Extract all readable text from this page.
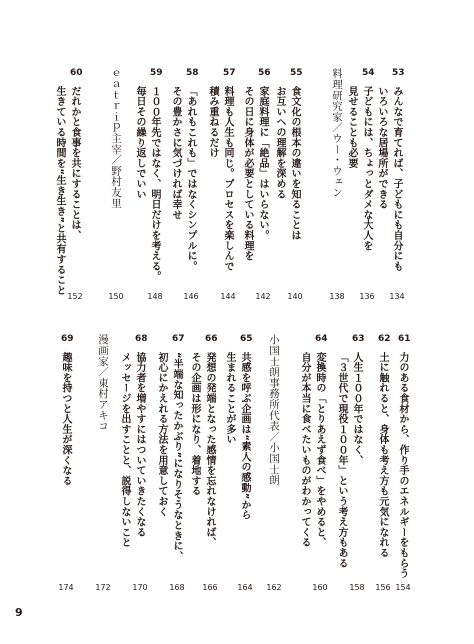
53
みんなで育てれば、子どもにも自分にも
いろいろな居場所ができる
134
54
子どもには、ちょっとダメな大人を
見せることも必要
136
料理研究家／ウー・ウェン
138
55
食文化の根本の違いを知ることは
お互いへの理解を深める
140
56
家庭料理に「絶品」はいらない。
その日に身体が必要としている料理を
142
57
料理も人生も同じ。プロセスを楽しんで
積み重ねるだけ
144
58
「あれもこれも」ではなくシンプルに。
その豊かさに気づければ幸せ
146
59
１００年先ではなく、明日だけを考える。
毎日その繰り返しでいい
148
ｅａｔｒｉｐ主宰／野村友里
150
60
だれかと食事を共にすることは、
生きている時間を“生き生き”と共有すること
152
61
力のある食材から、作り手のエネルギーをもらう
154
62
土に触れると、身体も考え方も元気になれる
156
63
人生１００年ではなく、
「３世代で現役１００年」という考え方もある
158
64
変換時の「とりあえず食べ」をやめると、
自分が本当に食べたいものがわかってくる
160
小国士朗事務所代表／小国士朗
162
65
共感を呼ぶ企画は“素人の感動”から
生まれることが多い
164
66
発想の発端となった感情を忘れなければ、
その企画は形になり、着地する
166
67
“半端な知ったかぶり”になりそうなときに、
初心にかえれる方法を用意しておく
168
68
協力者を増やすにはついていきたくなる
メッセージを出すことと、説得しないこと
170
漫画家／東村アキコ
172
69
趣味を持つと人生が深くなる
174
9
